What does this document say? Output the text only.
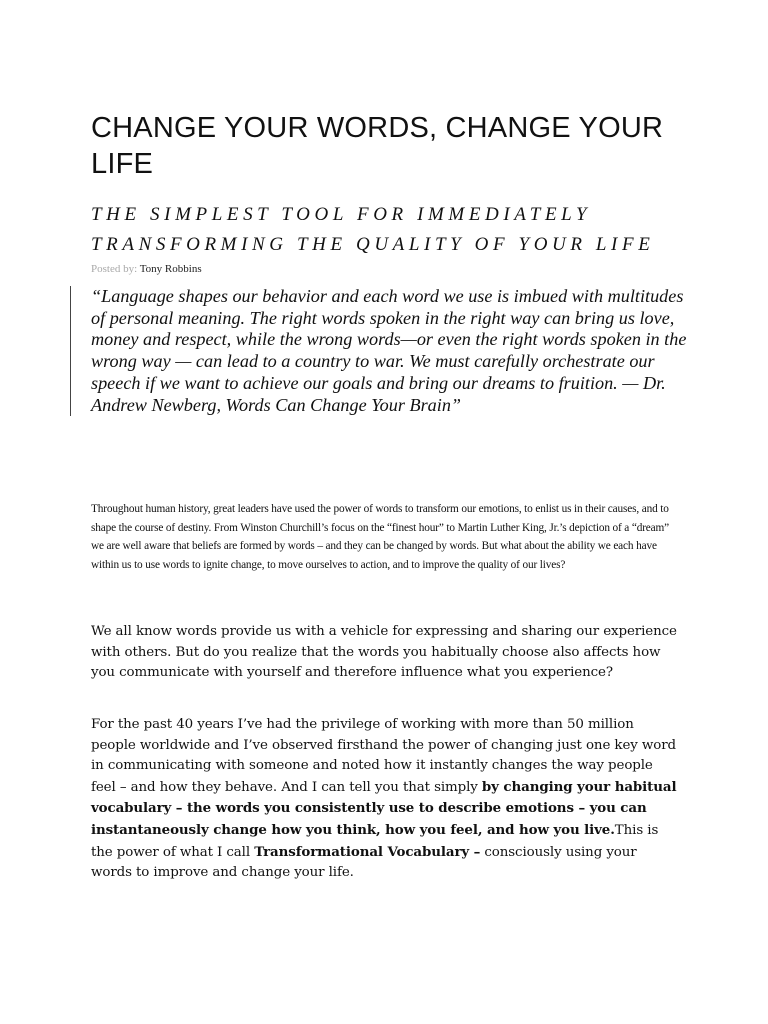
CHANGE YOUR WORDS, CHANGE YOUR LIFE
THE SIMPLEST TOOL FOR IMMEDIATELY TRANSFORMING THE QUALITY OF YOUR LIFE
Posted by: Tony Robbins
“Language shapes our behavior and each word we use is imbued with multitudes of personal meaning. The right words spoken in the right way can bring us love, money and respect, while the wrong words—or even the right words spoken in the wrong way — can lead to a country to war. We must carefully orchestrate our speech if we want to achieve our goals and bring our dreams to fruition. — Dr. Andrew Newberg, Words Can Change Your Brain”

Throughout human history, great leaders have used the power of words to transform our emotions, to enlist us in their causes, and to shape the course of destiny. From Winston Churchill’s focus on the “finest hour” to Martin Luther King, Jr.’s depiction of a “dream” we are well aware that beliefs are formed by words – and they can be changed by words. But what about the ability we each have within us to use words to ignite change, to move ourselves to action, and to improve the quality of our lives?

We all know words provide us with a vehicle for expressing and sharing our experience with others. But do you realize that the words you habitually choose also affects how you communicate with yourself and therefore influence what you experience?

For the past 40 years I’ve had the privilege of working with more than 50 million people worldwide and I’ve observed firsthand the power of changing just one key word in communicating with someone and noted how it instantly changes the way people feel – and how they behave. And I can tell you that simply by changing your habitual vocabulary – the words you consistently use to describe emotions – you can instantaneously change how you think, how you feel, and how you live.This is the power of what I call Transformational Vocabulary – consciously using your words to improve and change your life.
